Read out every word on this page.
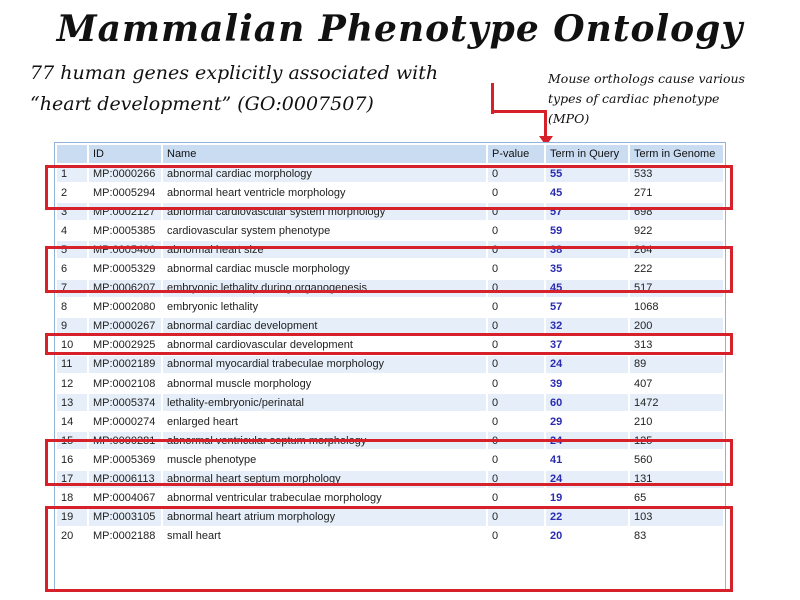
Mammalian Phenotype Ontology
77 human genes explicitly associated with “heart development” (GO:0007507)
Mouse orthologs cause various types of cardiac phenotype (MPO)
	ID	Name	P-value	Term in Query	Term in Genome
1	MP:0000266	abnormal cardiac morphology	0	55	533
2	MP:0005294	abnormal heart ventricle morphology	0	45	271
3	MP:0002127	abnormal cardiovascular system morphology	0	57	698
4	MP:0005385	cardiovascular system phenotype	0	59	922
5	MP:0005406	abnormal heart size	0	38	264
6	MP:0005329	abnormal cardiac muscle morphology	0	35	222
7	MP:0006207	embryonic lethality during organogenesis	0	45	517
8	MP:0002080	embryonic lethality	0	57	1068
9	MP:0000267	abnormal cardiac development	0	32	200
10	MP:0002925	abnormal cardiovascular development	0	37	313
11	MP:0002189	abnormal myocardial trabeculae morphology	0	24	89
12	MP:0002108	abnormal muscle morphology	0	39	407
13	MP:0005374	lethality-embryonic/perinatal	0	60	1472
14	MP:0000274	enlarged heart	0	29	210
15	MP:0000281	abnormal ventricular septum morphology	0	24	125
16	MP:0005369	muscle phenotype	0	41	560
17	MP:0006113	abnormal heart septum morphology	0	24	131
18	MP:0004067	abnormal ventricular trabeculae morphology	0	19	65
19	MP:0003105	abnormal heart atrium morphology	0	22	103
20	MP:0002188	small heart	0	20	83
